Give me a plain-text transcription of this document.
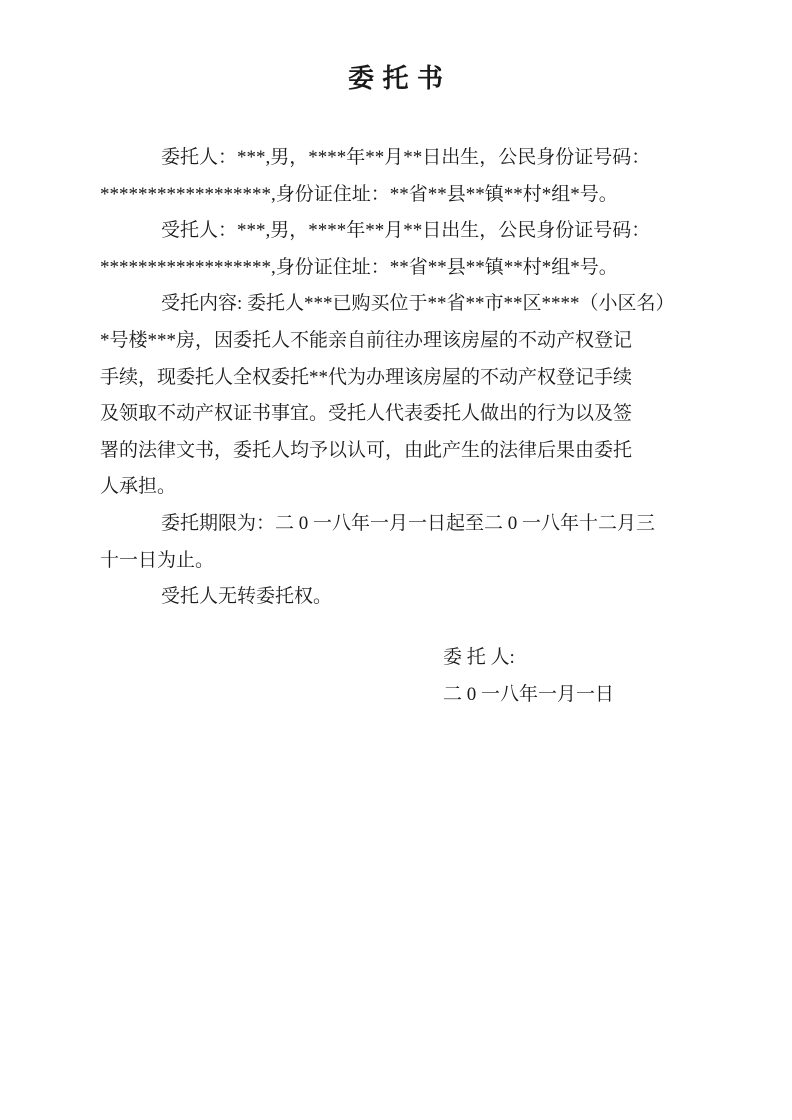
委 托 书
委托人：***,男，****年**月**日出生，公民身份证号码：
******************,身份证住址：**省**县**镇**村*组*号。
受托人：***,男，****年**月**日出生，公民身份证号码：
******************,身份证住址：**省**县**镇**村*组*号。
受托内容: 委托人***已购买位于**省**市**区****（小区名）
*号楼***房，因委托人不能亲自前往办理该房屋的不动产权登记
手续，现委托人全权委托**代为办理该房屋的不动产权登记手续
及领取不动产权证书事宜。受托人代表委托人做出的行为以及签
署的法律文书，委托人均予以认可，由此产生的法律后果由委托
人承担。
委托期限为：二 0 一八年一月一日起至二 0 一八年十二月三
十一日为止。
受托人无转委托权。
委 托 人:
二 0 一八年一月一日
